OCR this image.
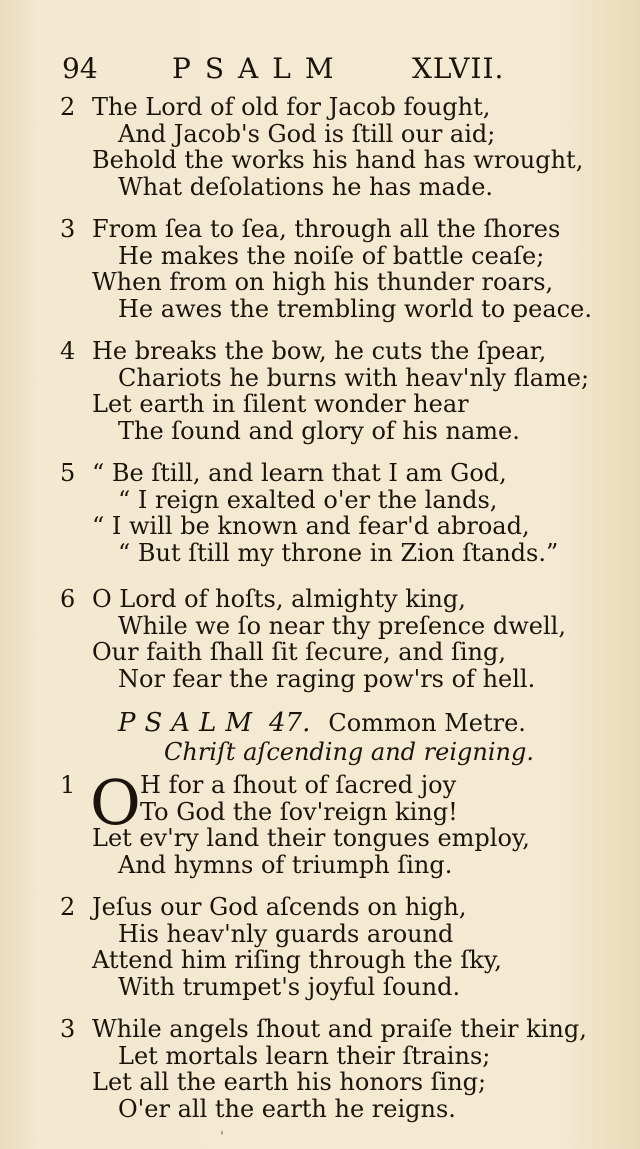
94	PSALM XLVII.
2 The Lord of old for Jacob fought,
And Jacob's God is ſtill our aid;
Behold the works his hand has wrought,
What deſolations he has made.
3 From ſea to ſea, through all the ſhores
He makes the noiſe of battle ceaſe;
When from on high his thunder roars,
He awes the trembling world to peace.
4 He breaks the bow, he cuts the ſpear,
Chariots he burns with heav'nly flame;
Let earth in ſilent wonder hear
The ſound and glory of his name.
5 “ Be ſtill, and learn that I am God,
“ I reign exalted o'er the lands,
“ I will be known and fear'd abroad,
“ But ſtill my throne in Zion ſtands.”
6 O Lord of hoſts, almighty king,
While we ſo near thy preſence dwell,
Our faith ſhall ſit ſecure, and ſing,
Nor fear the raging pow'rs of hell.
PSALM 47. Common Metre.
Chriſt aſcending and reigning.
O
1	H for a ſhout of ſacred joy
To God the ſov'reign king!
Let ev'ry land their tongues employ,
And hymns of triumph ſing.
2 Jeſus our God aſcends on high,
His heav'nly guards around
Attend him riſing through the ſky,
With trumpet's joyful ſound.
3 While angels ſhout and praiſe their king,
Let mortals learn their ſtrains;
Let all the earth his honors ſing;
O'er all the earth he reigns.
ˈ
